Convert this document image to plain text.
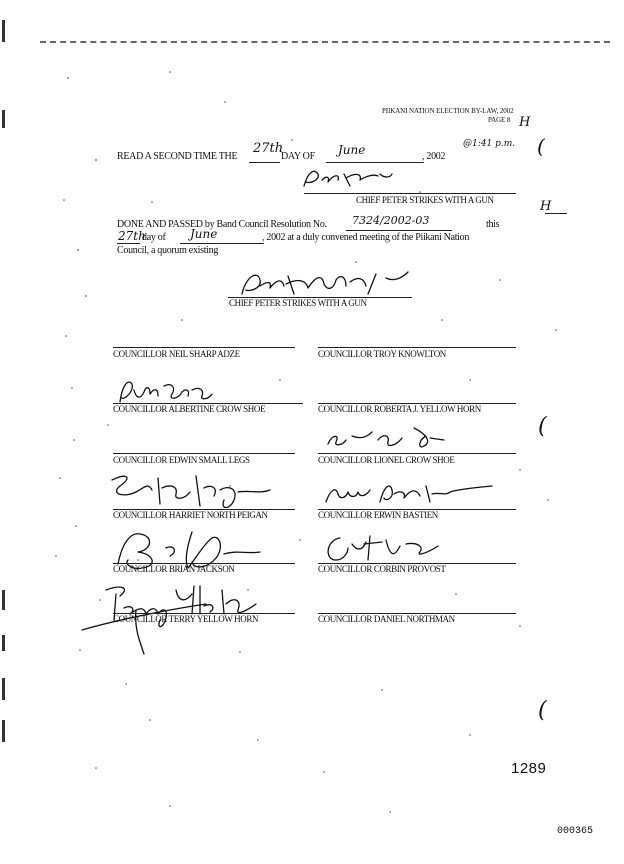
PIIKANI NATION ELECTION BY-LAW, 2002
PAGE 8 H
READ A SECOND TIME THE
27th
DAY OF June	, 2002
@1:41 p.m. (
CHIEF PETER STRIKES WITH A GUN
DONE AND PASSED by Band Council Resolution No. 7324/2002-03	this
H
27th
day of June	, 2002 at a duly convened meeting of the Piikani Nation
Council, a quorum existing
CHIEF PETER STRIKES WITH A GUN
COUNCILLOR NEIL SHARP ADZE	COUNCILLOR TROY KNOWLTON
COUNCILLOR ALBERTINE CROW SHOE	COUNCILLOR ROBERTA J. YELLOW HORN
(
COUNCILLOR EDWIN SMALL LEGS	COUNCILLOR LIONEL CROW SHOE
COUNCILLOR HARRIET NORTH PEIGAN	COUNCILLOR ERWIN BASTIEN
COUNCILLOR BRIAN JACKSON	COUNCILLOR CORBIN PROVOST
COUNCILLOR TERRY YELLOW HORN	COUNCILLOR DANIEL NORTHMAN
(
1289
000365
